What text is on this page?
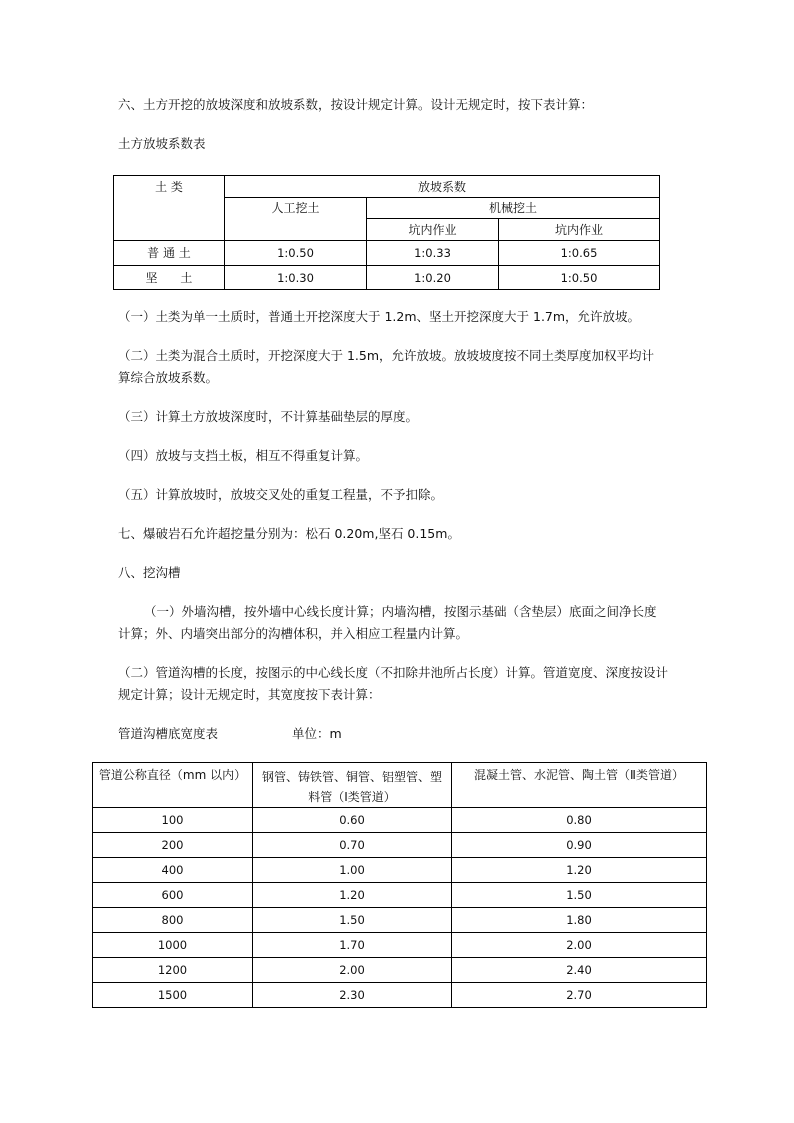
六、土方开挖的放坡深度和放坡系数，按设计规定计算。设计无规定时，按下表计算：

土方放坡系数表

土 类	放坡系数		
	人工挖土	机械挖土	
		坑内作业	坑内作业
普 通 土	1:0.50	1:0.33	1:0.65
坚      土	1:0.30	1:0.20	1:0.50

（一）土类为单一土质时，普通土开挖深度大于 1.2m、坚土开挖深度大于 1.7m，允许放坡。

（二）土类为混合土质时，开挖深度大于 1.5m，允许放坡。放坡坡度按不同土类厚度加权平均计算综合放坡系数。

（三）计算土方放坡深度时，不计算基础垫层的厚度。

（四）放坡与支挡土板，相互不得重复计算。

（五）计算放坡时，放坡交叉处的重复工程量，不予扣除。

七、爆破岩石允许超挖量分别为：松石 0.20m,坚石 0.15m。

八、挖沟槽

（一）外墙沟槽，按外墙中心线长度计算；内墙沟槽，按图示基础（含垫层）底面之间净长度计算；外、内墙突出部分的沟槽体积，并入相应工程量内计算。

（二）管道沟槽的长度，按图示的中心线长度（不扣除井池所占长度）计算。管道宽度、深度按设计规定计算；设计无规定时，其宽度按下表计算：

管道沟槽底宽度表	单位：m

管道公称直径（mm 以内）	钢管、铸铁管、铜管、铝塑管、塑料管（Ⅰ类管道）	混凝土管、水泥管、陶土管（Ⅱ类管道）
100	0.60	0.80
200	0.70	0.90
400	1.00	1.20
600	1.20	1.50
800	1.50	1.80
1000	1.70	2.00
1200	2.00	2.40
1500	2.30	2.70
